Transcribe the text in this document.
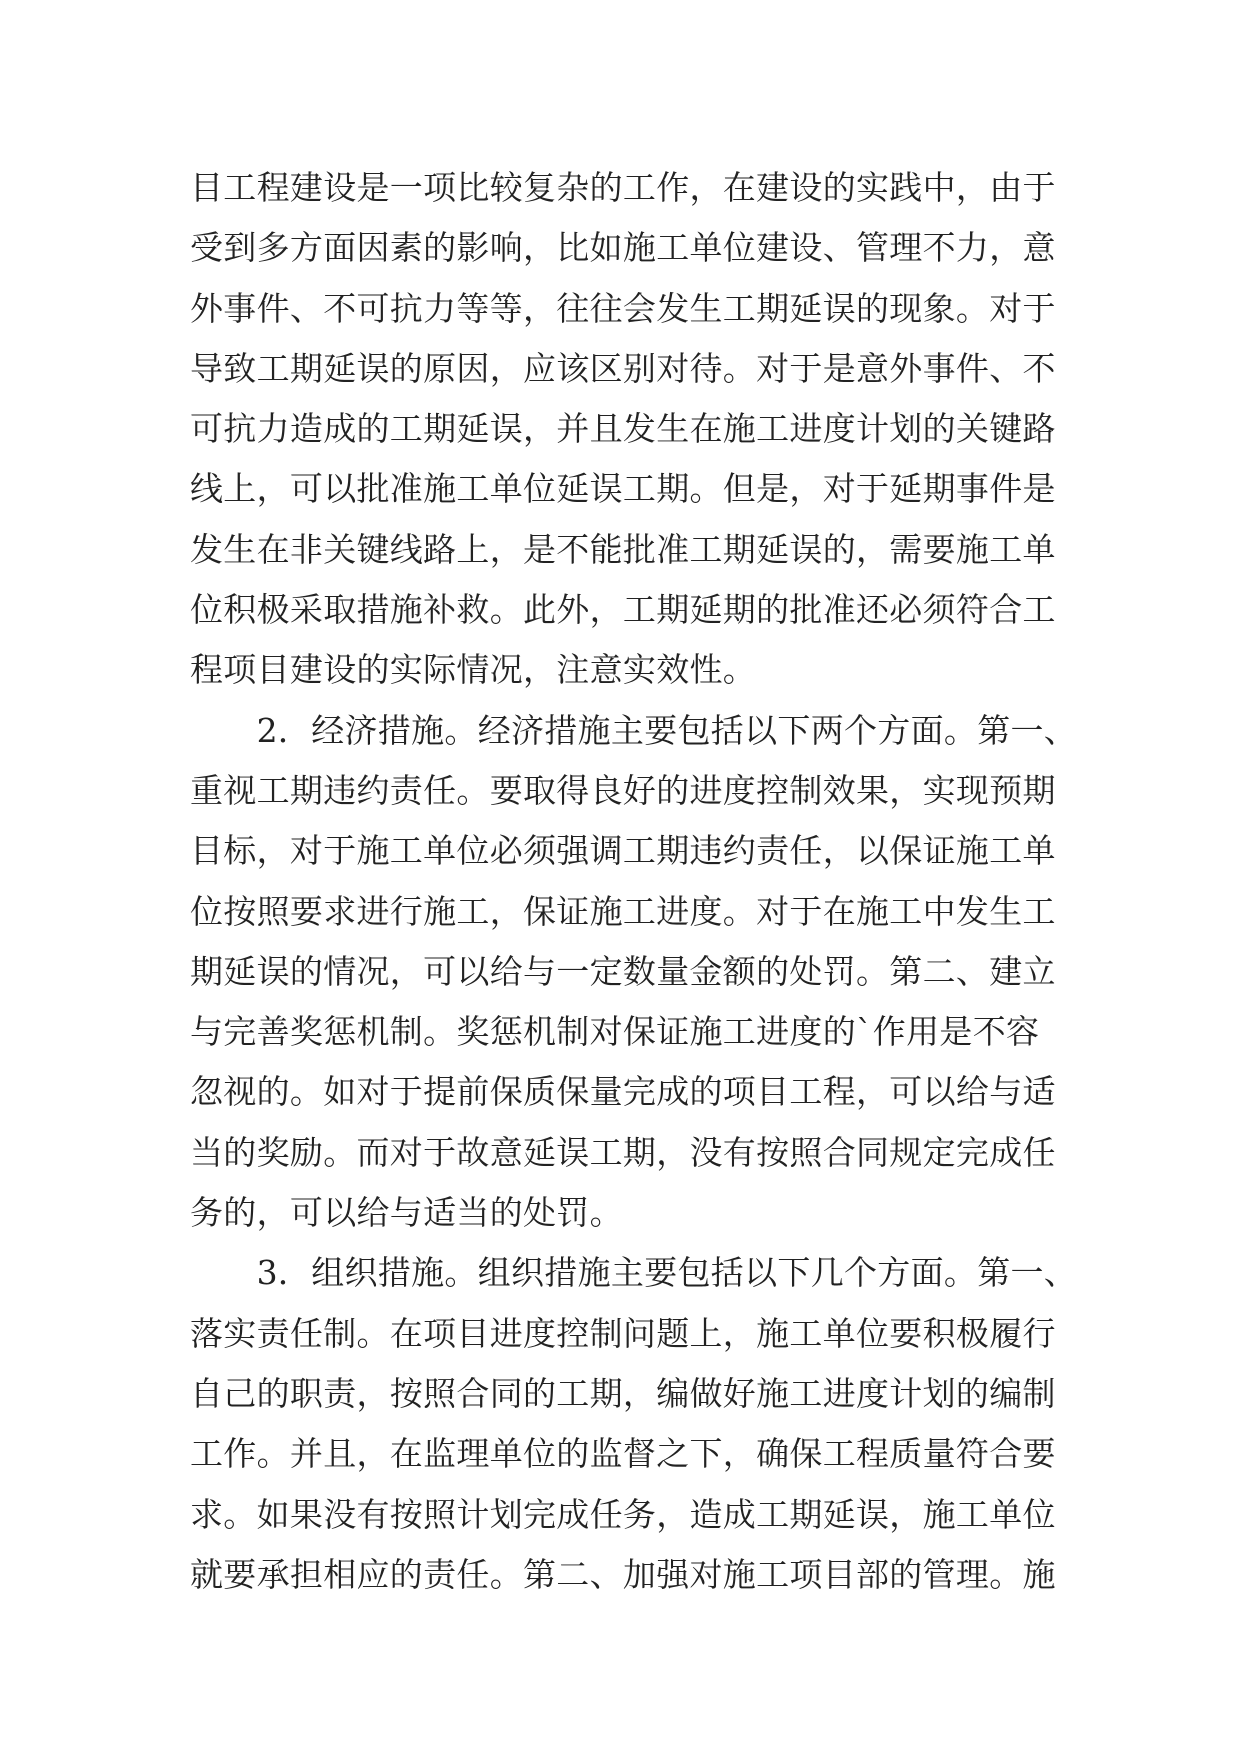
目工程建设是一项比较复杂的工作，在建设的实践中，由于
受到多方面因素的影响，比如施工单位建设、管理不力，意
外事件、不可抗力等等，往往会发生工期延误的现象。对于
导致工期延误的原因，应该区别对待。对于是意外事件、不
可抗力造成的工期延误，并且发生在施工进度计划的关键路
线上，可以批准施工单位延误工期。但是，对于延期事件是
发生在非关键线路上，是不能批准工期延误的，需要施工单
位积极采取措施补救。此外，工期延期的批准还必须符合工
程项目建设的实际情况，注意实效性。
　　2．经济措施。经济措施主要包括以下两个方面。第一、
重视工期违约责任。要取得良好的进度控制效果，实现预期
目标，对于施工单位必须强调工期违约责任，以保证施工单
位按照要求进行施工，保证施工进度。对于在施工中发生工
期延误的情况，可以给与一定数量金额的处罚。第二、建立
与完善奖惩机制。奖惩机制对保证施工进度的`作用是不容
忽视的。如对于提前保质保量完成的项目工程，可以给与适
当的奖励。而对于故意延误工期，没有按照合同规定完成任
务的，可以给与适当的处罚。
　　3．组织措施。组织措施主要包括以下几个方面。第一、
落实责任制。在项目进度控制问题上，施工单位要积极履行
自己的职责，按照合同的工期，编做好施工进度计划的编制
工作。并且，在监理单位的监督之下，确保工程质量符合要
求。如果没有按照计划完成任务，造成工期延误，施工单位
就要承担相应的责任。第二、加强对施工项目部的管理。施
